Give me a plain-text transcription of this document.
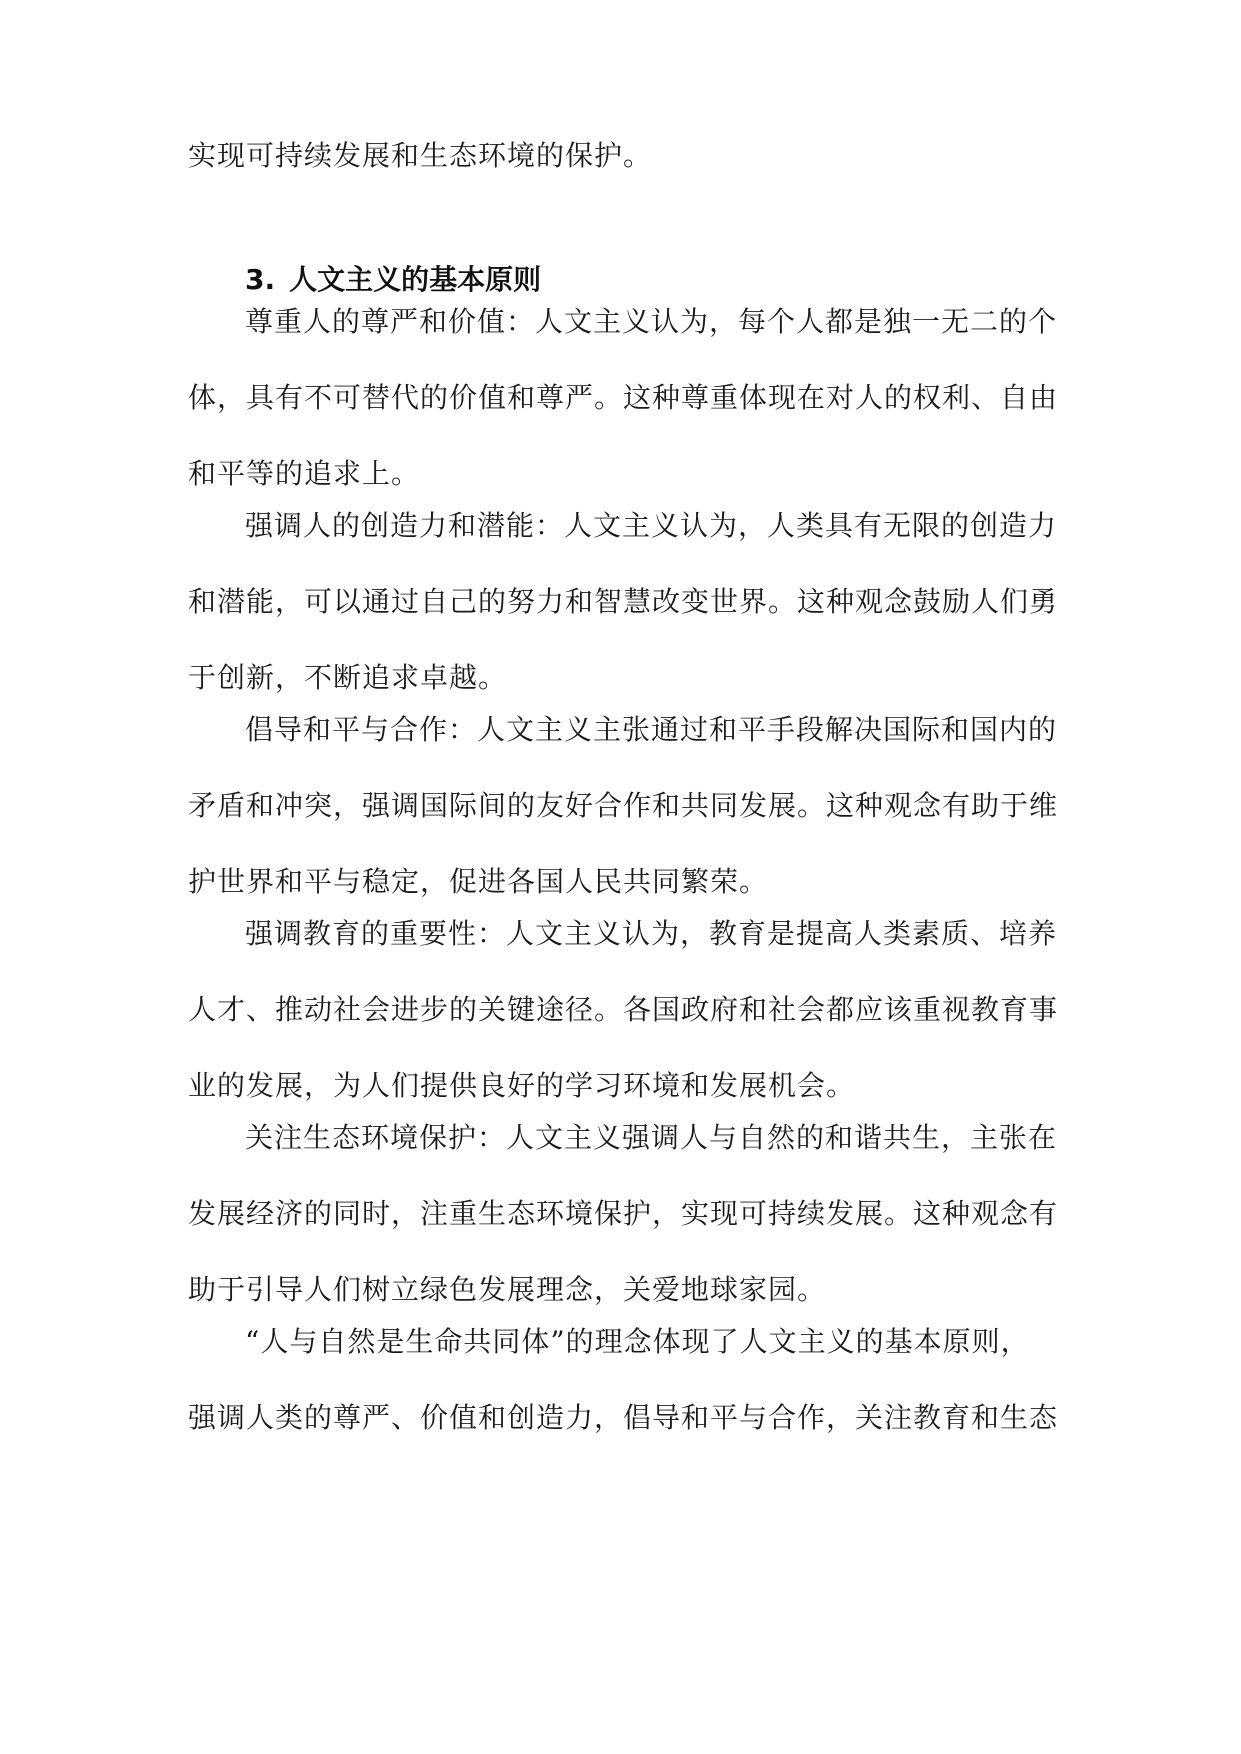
实现可持续发展和生态环境的保护。
3. 人文主义的基本原则
尊重人的尊严和价值：人文主义认为，每个人都是独一无二的个
体，具有不可替代的价值和尊严。这种尊重体现在对人的权利、自由
和平等的追求上。
强调人的创造力和潜能：人文主义认为，人类具有无限的创造力
和潜能，可以通过自己的努力和智慧改变世界。这种观念鼓励人们勇
于创新，不断追求卓越。
倡导和平与合作：人文主义主张通过和平手段解决国际和国内的
矛盾和冲突，强调国际间的友好合作和共同发展。这种观念有助于维
护世界和平与稳定，促进各国人民共同繁荣。
强调教育的重要性：人文主义认为，教育是提高人类素质、培养
人才、推动社会进步的关键途径。各国政府和社会都应该重视教育事
业的发展，为人们提供良好的学习环境和发展机会。
关注生态环境保护：人文主义强调人与自然的和谐共生，主张在
发展经济的同时，注重生态环境保护，实现可持续发展。这种观念有
助于引导人们树立绿色发展理念，关爱地球家园。
“人与自然是生命共同体”的理念体现了人文主义的基本原则，
强调人类的尊严、价值和创造力，倡导和平与合作，关注教育和生态
